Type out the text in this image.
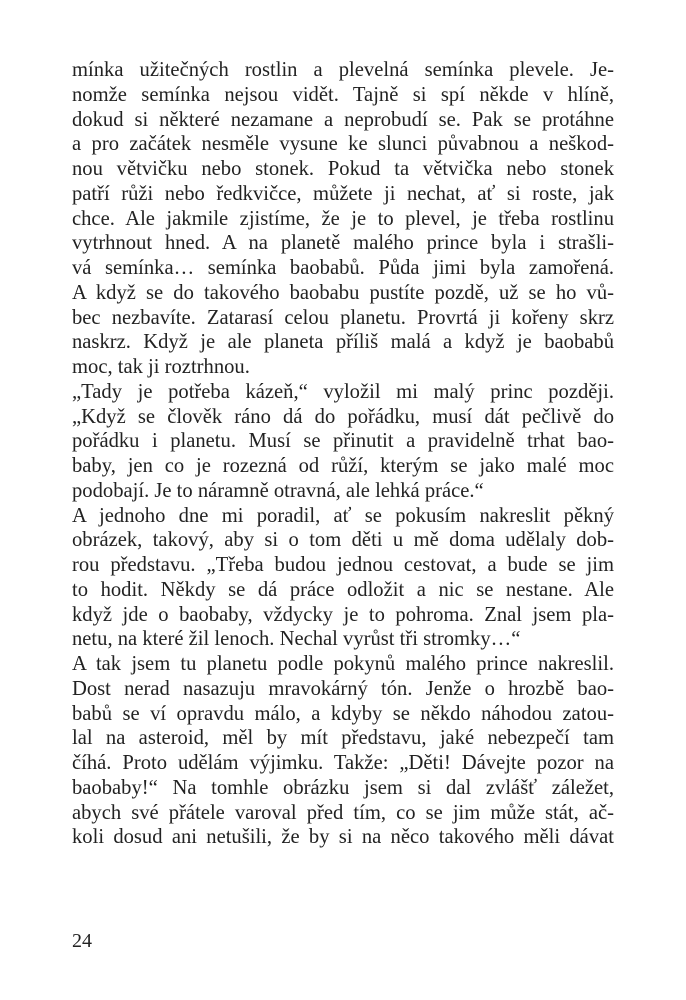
mínka užitečných rostlin a plevelná semínka plevele. Je-
nomže semínka nejsou vidět. Tajně si spí někde v hlíně,
dokud si některé nezamane a neprobudí se. Pak se protáhne
a pro začátek nesměle vysune ke slunci půvabnou a neškod-
nou větvičku nebo stonek. Pokud ta větvička nebo stonek
patří růži nebo ředkvičce, můžete ji nechat, ať si roste, jak
chce. Ale jakmile zjistíme, že je to plevel, je třeba rostlinu
vytrhnout hned. A na planetě malého prince byla i strašli-
vá semínka… semínka baobabů. Půda jimi byla zamořená.
A když se do takového baobabu pustíte pozdě, už se ho vů-
bec nezbavíte. Zatarasí celou planetu. Provrtá ji kořeny skrz
naskrz. Když je ale planeta příliš malá a když je baobabů
moc, tak ji roztrhnou.
„Tady je potřeba kázeň,“ vyložil mi malý princ později.
„Když se člověk ráno dá do pořádku, musí dát pečlivě do
pořádku i planetu. Musí se přinutit a pravidelně trhat bao-
baby, jen co je rozezná od růží, kterým se jako malé moc
podobají. Je to náramně otravná, ale lehká práce.“
A jednoho dne mi poradil, ať se pokusím nakreslit pěkný
obrázek, takový, aby si o tom děti u mě doma udělaly dob-
rou představu. „Třeba budou jednou cestovat, a bude se jim
to hodit. Někdy se dá práce odložit a nic se nestane. Ale
když jde o baobaby, vždycky je to pohroma. Znal jsem pla-
netu, na které žil lenoch. Nechal vyrůst tři stromky…“
A tak jsem tu planetu podle pokynů malého prince nakreslil.
Dost nerad nasazuju mravokárný tón. Jenže o hrozbě bao-
babů se ví opravdu málo, a kdyby se někdo náhodou zatou-
lal na asteroid, měl by mít představu, jaké nebezpečí tam
číhá. Proto udělám výjimku. Takže: „Děti! Dávejte pozor na
baobaby!“ Na tomhle obrázku jsem si dal zvlášť záležet,
abych své přátele varoval před tím, co se jim může stát, ač-
koli dosud ani netušili, že by si na něco takového měli dávat
24
